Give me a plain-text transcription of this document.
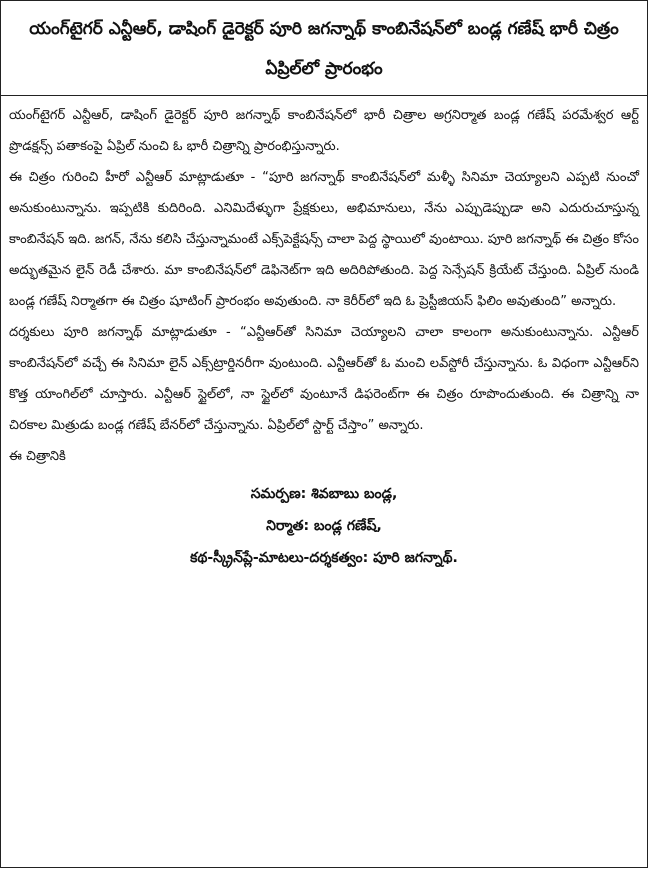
యంగ్‌టైగర్ ఎన్టీఆర్, డాషింగ్ డైరెక్టర్ పూరి జగన్నాథ్ కాంబినేషన్‌లో బండ్ల గణేష్ భారీ చిత్రం
ఏప్రిల్‌లో ప్రారంభం

యంగ్‌టైగర్ ఎన్టీఆర్, డాషింగ్ డైరెక్టర్ పూరి జగన్నాథ్ కాంబినేషన్‌లో భారీ చిత్రాల అగ్రనిర్మాత బండ్ల గణేష్ పరమేశ్వర ఆర్ట్ ప్రొడక్షన్స్ పతాకంపై ఏప్రిల్ నుంచి ఓ భారీ చిత్రాన్ని ప్రారంభిస్తున్నారు.

ఈ చిత్రం గురించి హీరో ఎన్టీఆర్ మాట్లాడుతూ - “పూరి జగన్నాథ్ కాంబినేషన్‌లో మళ్ళీ సినిమా చెయ్యాలని ఎప్పటి నుంచో అనుకుంటున్నాను. ఇప్పటికి కుదిరింది. ఎనిమిదేళ్ళుగా ప్రేక్షకులు, అభిమానులు, నేను ఎప్పుడెప్పుడా అని ఎదురుచూస్తున్న కాంబినేషన్ ఇది. జగన్, నేను కలిసి చేస్తున్నామంటే ఎక్స్‌పెక్టేషన్స్ చాలా పెద్ద స్థాయిలో వుంటాయి. పూరి జగన్నాథ్ ఈ చిత్రం కోసం అద్భుతమైన లైన్ రెడీ చేశారు. మా కాంబినేషన్‌లో డెఫినెట్‌గా ఇది అదిరిపోతుంది. పెద్ద సెన్సేషన్ క్రియేట్ చేస్తుంది. ఏప్రిల్ నుండి బండ్ల గణేష్ నిర్మాతగా ఈ చిత్రం షూటింగ్ ప్రారంభం అవుతుంది. నా కెరీర్‌లో ఇది ఓ ప్రెస్టీజియస్ ఫిలిం అవుతుంది” అన్నారు.

దర్శకులు పూరి జగన్నాథ్ మాట్లాడుతూ - “ఎన్టీఆర్‌తో సినిమా చెయ్యాలని చాలా కాలంగా అనుకుంటున్నాను. ఎన్టీఆర్ కాంబినేషన్‌లో వచ్చే ఈ సినిమా లైన్ ఎక్స్‌ట్రార్డినరీగా వుంటుంది. ఎన్టీఆర్‌తో ఓ మంచి లవ్‌స్టోరీ చేస్తున్నాను. ఓ విధంగా ఎన్టీఆర్‌ని కొత్త యాంగిల్‌లో చూస్తారు. ఎన్టీఆర్ స్టైల్‌లో, నా స్టైల్‌లో వుంటూనే డిఫరెంట్‌గా ఈ చిత్రం రూపొందుతుంది. ఈ చిత్రాన్ని నా చిరకాల మిత్రుడు బండ్ల గణేష్ బేనర్‌లో చేస్తున్నాను. ఏప్రిల్‌లో స్టార్ట్ చేస్తాం” అన్నారు.

ఈ చిత్రానికి

సమర్పణ: శివబాబు బండ్ల,
నిర్మాత: బండ్ల గణేష్,
కథ-స్క్రీన్‌ప్లే-మాటలు-దర్శకత్వం: పూరి జగన్నాథ్.
